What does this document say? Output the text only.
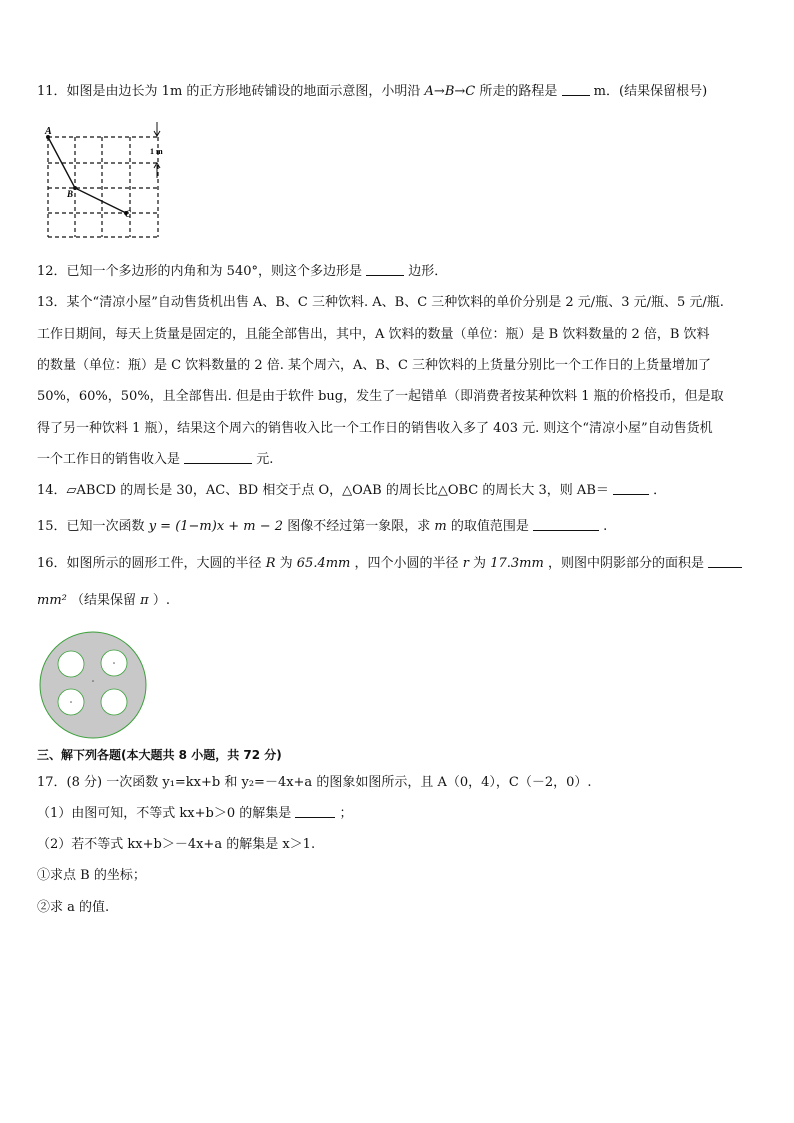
11．如图是由边长为 1m 的正方形地砖铺设的地面示意图，小明沿 A→B→C 所走的路程是	m．(结果保留根号)
A
B
C
1 m
12．已知一个多边形的内角和为 540°，则这个多边形是	边形．
13．某个“清凉小屋”自动售货机出售 A、B、C 三种饮料. A、B、C 三种饮料的单价分别是 2 元/瓶、3 元/瓶、5 元/瓶.
工作日期间，每天上货量是固定的，且能全部售出，其中，A 饮料的数量（单位：瓶）是 B 饮料数量的 2 倍，B 饮料
的数量（单位：瓶）是 C 饮料数量的 2 倍. 某个周六，A、B、C 三种饮料的上货量分别比一个工作日的上货量增加了
50%，60%，50%，且全部售出. 但是由于软件 bug，发生了一起错单（即消费者按某种饮料 1 瓶的价格投币，但是取
得了另一种饮料 1 瓶），结果这个周六的销售收入比一个工作日的销售收入多了 403 元. 则这个“清凉小屋”自动售货机
一个工作日的销售收入是	元.
14．▱ABCD 的周长是 30，AC、BD 相交于点 O，△OAB 的周长比△OBC 的周长大 3，则 AB＝	．
15．已知一次函数 y = (1−m)x + m − 2 图像不经过第一象限，求 m 的取值范围是	.
16．如图所示的圆形工件，大圆的半径 R 为 65.4mm ，四个小圆的半径 r 为 17.3mm ，则图中阴影部分的面积是
mm² （结果保留 π ）.
三、解下列各题(本大题共 8 小题，共 72 分)
17．(8 分) 一次函数 y₁=kx+b 和 y₂=－4x+a 的图象如图所示，且 A（0，4），C（－2，0）.
（1）由图可知，不等式 kx+b＞0 的解集是	；
（2）若不等式 kx+b＞－4x+a 的解集是 x＞1.
①求点 B 的坐标；
②求 a 的值.
